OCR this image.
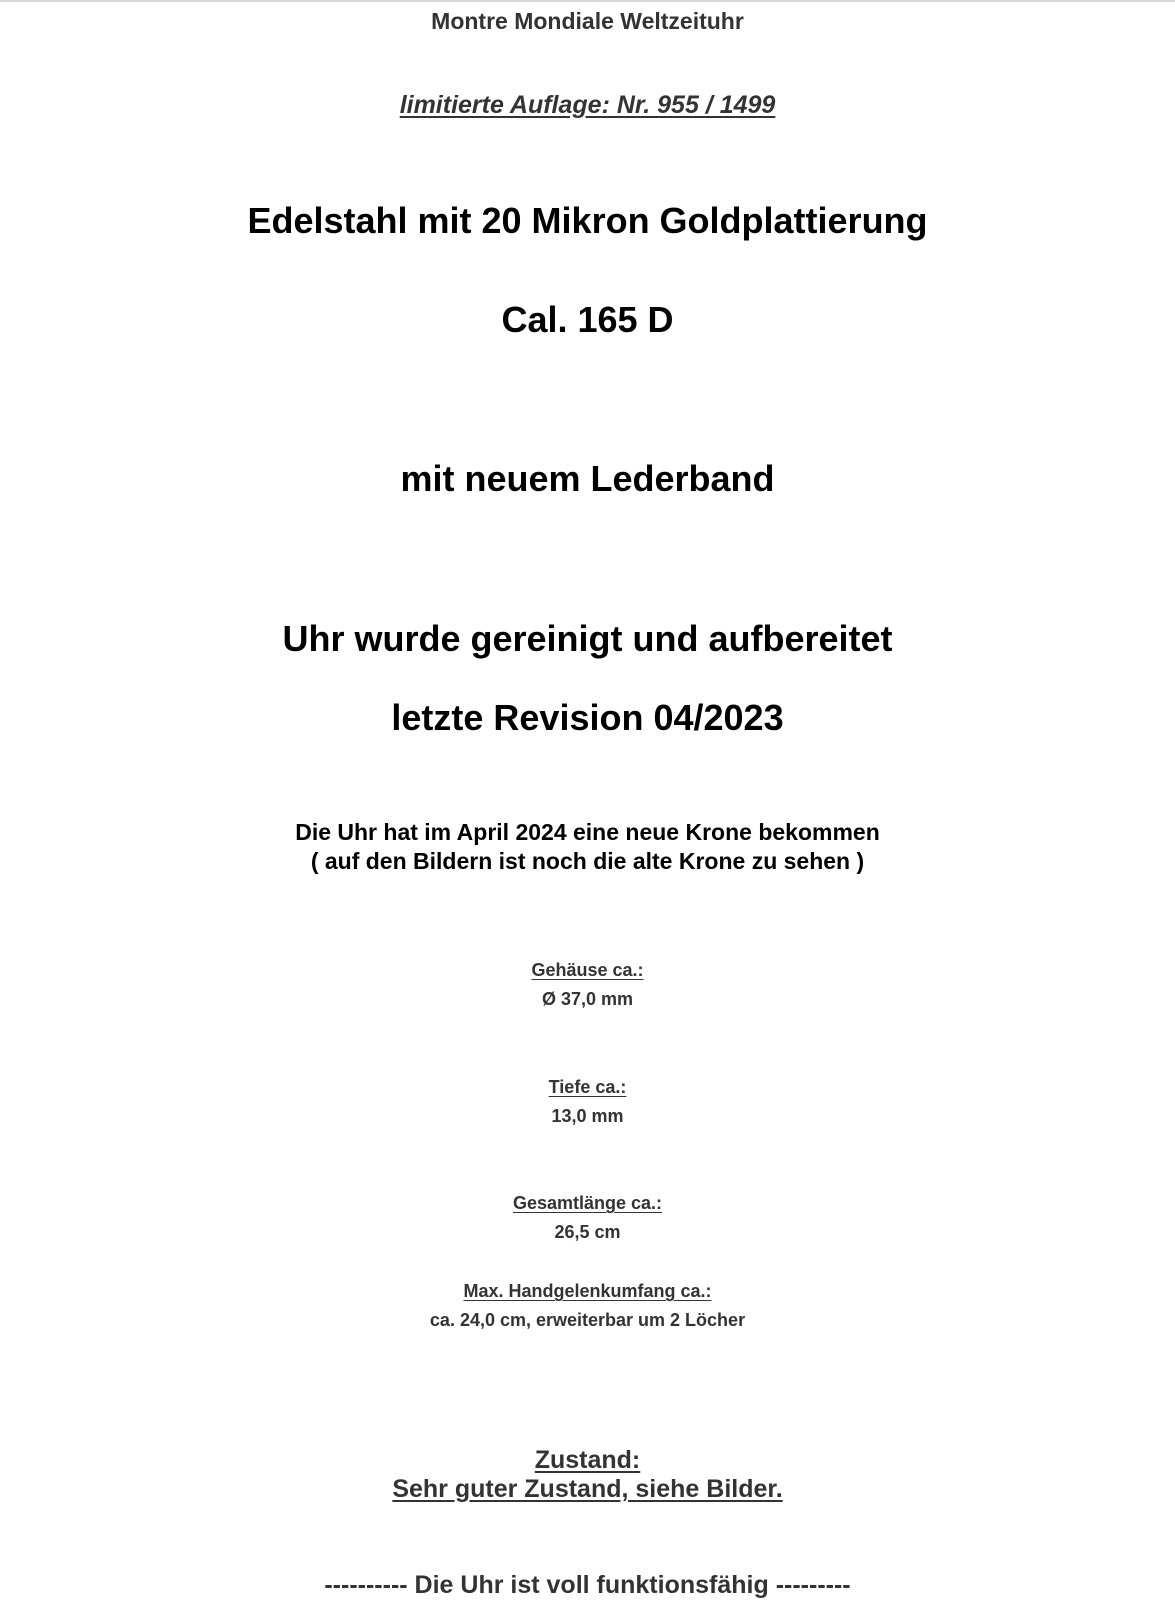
Montre Mondiale Weltzeituhr
limitierte Auflage: Nr. 955 / 1499
Edelstahl mit 20 Mikron Goldplattierung
Cal. 165 D
mit neuem Lederband
Uhr wurde gereinigt und aufbereitet
letzte Revision 04/2023
Die Uhr hat im April 2024 eine neue Krone bekommen
( auf den Bildern ist noch die alte Krone zu sehen )
Gehäuse ca.:
Ø 37,0 mm
Tiefe ca.:
13,0 mm
Gesamtlänge ca.:
26,5 cm
Max. Handgelenkumfang ca.:
ca. 24,0 cm, erweiterbar um 2 Löcher
Zustand:
Sehr guter Zustand, siehe Bilder.
---------- Die Uhr ist voll funktionsfähig ---------
